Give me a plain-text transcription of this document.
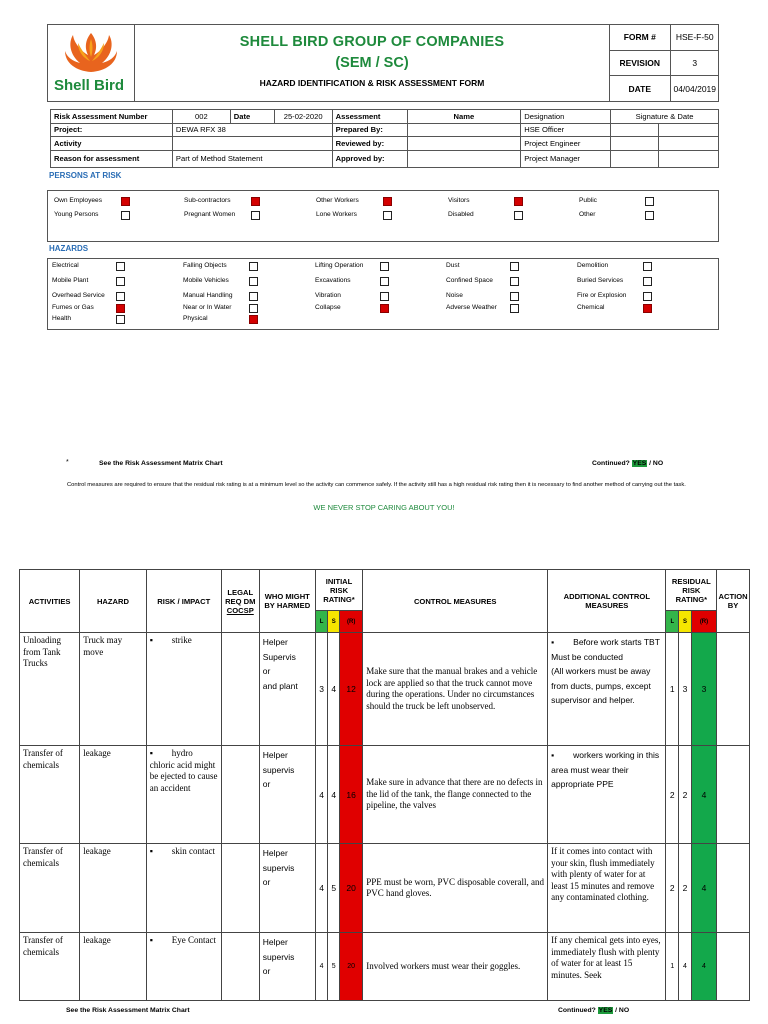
Shell Bird
SHELL BIRD GROUP OF COMPANIES
(SEM / SC)
HAZARD IDENTIFICATION & RISK ASSESSMENT FORM
FORM #	HSE-F-50
REVISION	3
DATE	04/04/2019
Risk Assessment Number	002	Date	25-02-2020	Assessment	Name	Designation	Signature & Date	
Project:	DEWA RFX 38			Prepared By:		HSE Officer		
Activity				Reviewed by:		Project Engineer		
Reason for assessment	Part of Method Statement			Approved by:		Project Manager		
PERSONS AT RISK
Own Employees	Sub-contractors	Other Workers	Visitors	Public
Young Persons	Pregnant Women	Lone Workers	Disabled	Other
HAZARDS
Electrical	Falling Objects	Lifting Operation	Dust	Demolition
Mobile Plant	Mobile Vehicles	Excavations	Confined Space	Buried Services
Overhead Service	Manual Handling	Vibration	Noise	Fire or Explosion
Fumes or Gas	Near or In Water	Collapse	Adverse Weather	Chemical
Health	Physical
*	See the Risk Assessment Matrix Chart	Continued? YES / NO
Control measures are required to ensure that the residual risk rating is at a minimum level so the activity can commence safely. If the activity still has a high residual risk rating then it is necessary to find another method of carrying out the task.
WE NEVER STOP CARING ABOUT YOU!
ACTIVITIES	HAZARD	RISK / IMPACT	LEGAL REQ DM
COCSP	WHO MIGHT BY HARMED	INITIAL RISK RATING*			CONTROL MEASURES	ADDITIONAL CONTROL MEASURES	RESIDUAL RISK RATING*			ACTION BY
					L	S	(R)			L	S	(R)	
Unloading from Tank Trucks	Truck may move	▪ strike		Helper
Supervis
or
and plant	3	4	12	Make sure that the manual brakes and a vehicle lock are applied so that the truck cannot move during the operations. Under no circumstances should the truck be left unobserved.	▪ Before work starts TBT
Must be conducted
(All workers must be away from ducts, pumps, except supervisor and helper.	1	3	3	
Transfer of chemicals	leakage	▪ hydro chloric acid might be ejected to cause an accident		Helper
supervis
or	4	4	16	Make sure in advance that there are no defects in the lid of the tank, the flange connected to the pipeline, the valves	▪ workers working in this area must wear their appropriate PPE	2	2	4	
Transfer of chemicals	leakage	▪ skin contact		Helper
supervis
or	4	5	20	PPE must be worn, PVC disposable coverall, and PVC hand gloves.	If it comes into contact with your skin, flush immediately with plenty of water for at least 15 minutes and remove any contaminated clothing.	2	2	4	
Transfer of chemicals	leakage	▪ Eye Contact		Helper
supervis
or	4	5	20	Involved workers must wear their goggles.	If any chemical gets into eyes, immediately flush with plenty of water for at least 15 minutes. Seek	1	4	4	
See the Risk Assessment Matrix Chart	Continued? YES / NO
